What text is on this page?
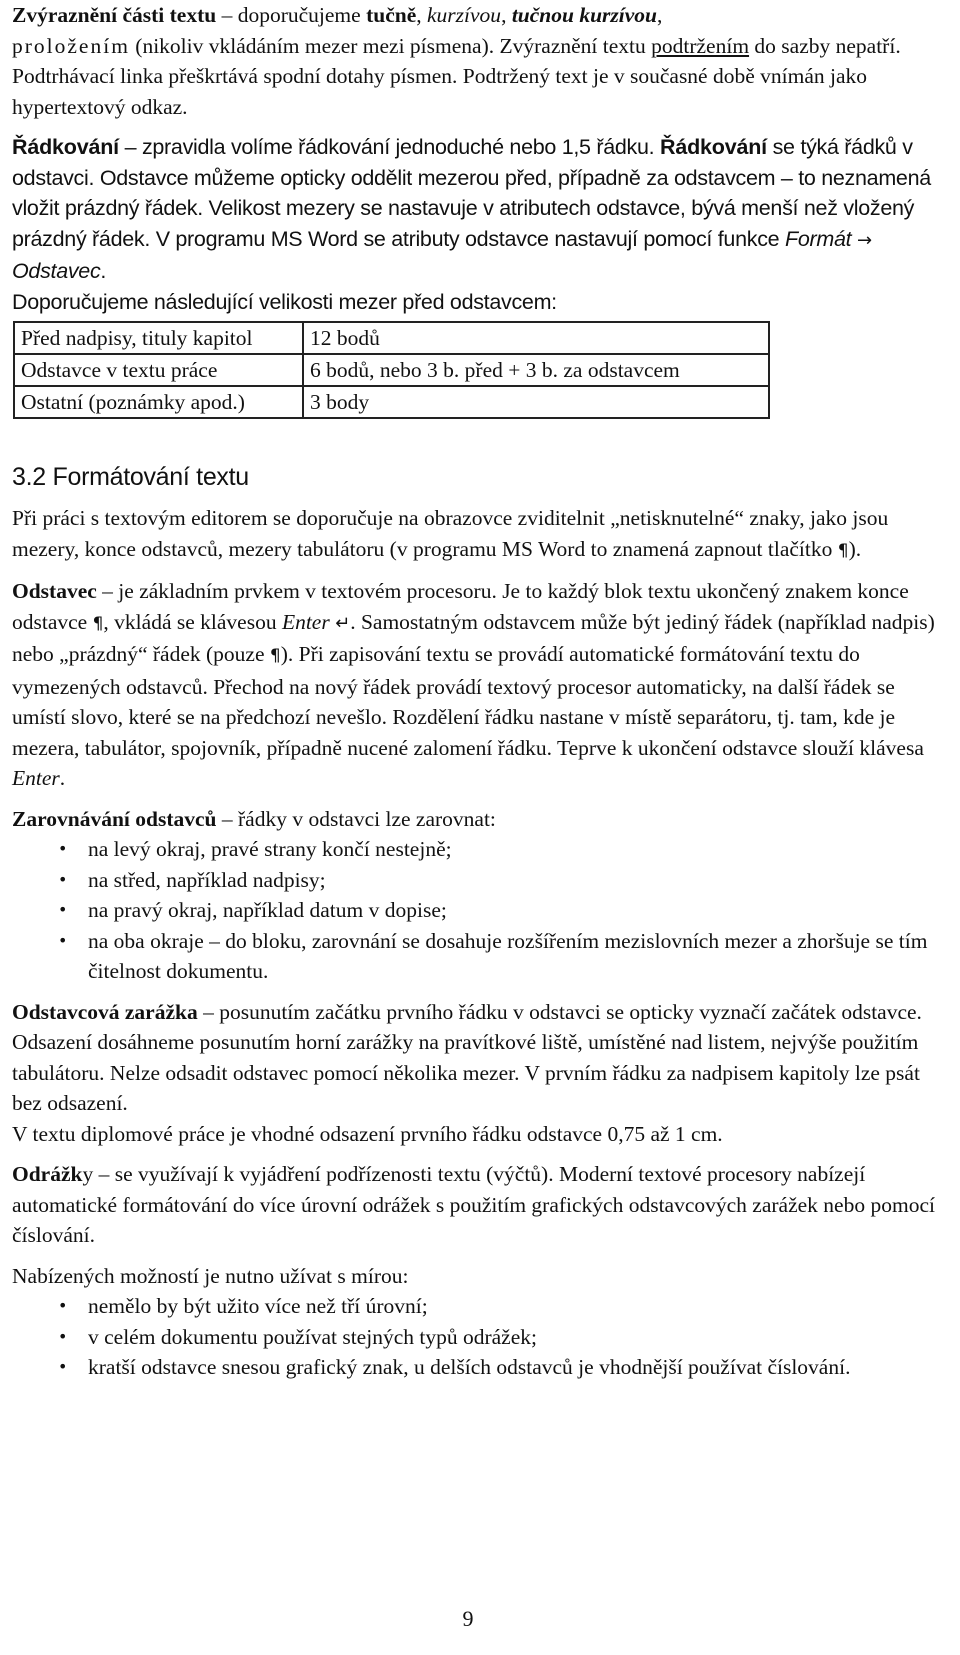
Zvýraznění části textu – doporučujeme tučně, kurzívou, tučnou kurzívou,
proložením (nikoliv vkládáním mezer mezi písmena). Zvýraznění textu podtržením do sazby nepatří. Podtrhávací linka přeškrtává spodní dotahy písmen. Podtržený text je v současné době vnímán jako hypertextový odkaz.

Řádkování – zpravidla volíme řádkování jednoduché nebo 1,5 řádku. Řádkování se týká řádků v odstavci. Odstavce můžeme opticky oddělit mezerou před, případně za odstavcem – to neznamená vložit prázdný řádek. Velikost mezery se nastavuje v atributech odstavce, bývá menší než vložený prázdný řádek. V programu MS Word se atributy odstavce nastavují pomocí funkce Formát → Odstavec.

Doporučujeme následující velikosti mezer před odstavcem:

Před nadpisy, tituly kapitol	12 bodů
Odstavce v textu práce	6 bodů, nebo 3 b. před + 3 b. za odstavcem
Ostatní (poznámky apod.)	3 body
3.2 Formátování textu

Při práci s textovým editorem se doporučuje na obrazovce zviditelnit „netisknutelné“ znaky, jako jsou mezery, konce odstavců, mezery tabulátoru (v programu MS Word to znamená zapnout tlačítko ¶).

Odstavec – je základním prvkem v textovém procesoru. Je to každý blok textu ukončený znakem konce odstavce ¶, vkládá se klávesou Enter ↵. Samostatným odstavcem může být jediný řádek (například nadpis) nebo „prázdný“ řádek (pouze ¶). Při zapisování textu se provádí automatické formátování textu do vymezených odstavců. Přechod na nový řádek provádí textový procesor automaticky, na další řádek se umístí slovo, které se na předchozí nevešlo. Rozdělení řádku nastane v místě separátoru, tj. tam, kde je mezera, tabulátor, spojovník, případně nucené zalomení řádku. Teprve k ukončení odstavce slouží klávesa Enter.

Zarovnávání odstavců – řádky v odstavci lze zarovnat:

• na levý okraj, pravé strany končí nestejně;
• na střed, například nadpisy;
• na pravý okraj, například datum v dopise;
• na oba okraje – do bloku, zarovnání se dosahuje rozšířením mezislovních mezer a zhoršuje se tím čitelnost dokumentu.

Odstavcová zarážka – posunutím začátku prvního řádku v odstavci se opticky vyznačí začátek odstavce. Odsazení dosáhneme posunutím horní zarážky na pravítkové liště, umístěné nad listem, nejvýše použitím tabulátoru. Nelze odsadit odstavec pomocí několika mezer. V prvním řádku za nadpisem kapitoly lze psát bez odsazení.
V textu diplomové práce je vhodné odsazení prvního řádku odstavce 0,75 až 1 cm.

Odrážky – se využívají k vyjádření podřízenosti textu (výčtů). Moderní textové procesory nabízejí automatické formátování do více úrovní odrážek s použitím grafických odstavcových zarážek nebo pomocí číslování.

Nabízených možností je nutno užívat s mírou:

• nemělo by být užito více než tří úrovní;
• v celém dokumentu používat stejných typů odrážek;
• kratší odstavce snesou grafický znak, u delších odstavců je vhodnější používat číslování.
9
